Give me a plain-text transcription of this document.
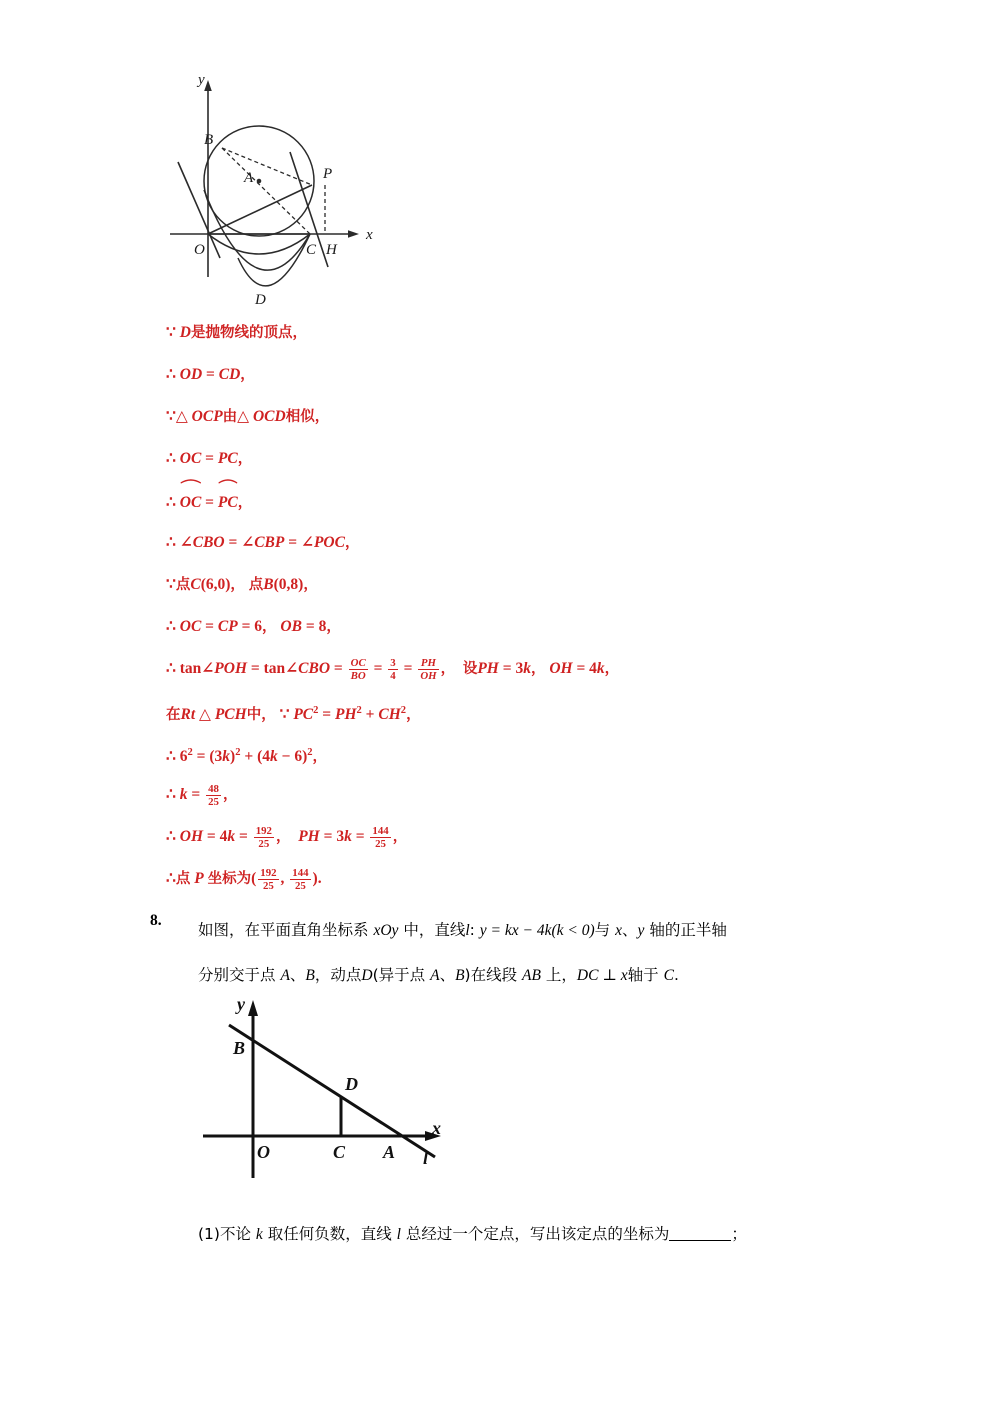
x
y
B
P
A
O	C H
D
∵ D是抛物线的顶点，
∴ OD = CD，
∵△ OCP由△ OCD相似，
∴ OC = PC，
∴ OC = PC，
∴ ∠CBO = ∠CBP = ∠POC，
∵点C(6,0)， 点B(0,8)，
∴ OC = CP = 6， OB = 8，
∴ tan∠POH = tan∠CBO = $\frac{OC}{BO} = \frac{3}{4} = \frac{PH}{OH}$ ， 设PH = 3k， OH = 4k，
在Rt △ PCH中， ∵ $PC^2 = PH^2 + CH^2$，
∴ $6^2 = (3k)^2 + (4k - 6)^2$，
∴ $k = \frac{48}{25}$ ，
∴ OH = $4k = \frac{192}{25}$ ， PH = $3k = \frac{144}{25}$ ，
∴点 P 坐标为( $\frac{192}{25}$ , $\frac{144}{25}$ ).
8.
如图，在平面直角坐标系 xOy 中，直线l: y = kx − 4k(k < 0)与 x、y 轴的正半轴
分别交于点 A、B，动点D(异于点 A、B)在线段 AB 上，DC ⊥ x轴于 C.
x
y
B
D
O	C A l
(1)不论 k 取任何负数，直线 l 总经过一个定点，写出该定点的坐标为	；
